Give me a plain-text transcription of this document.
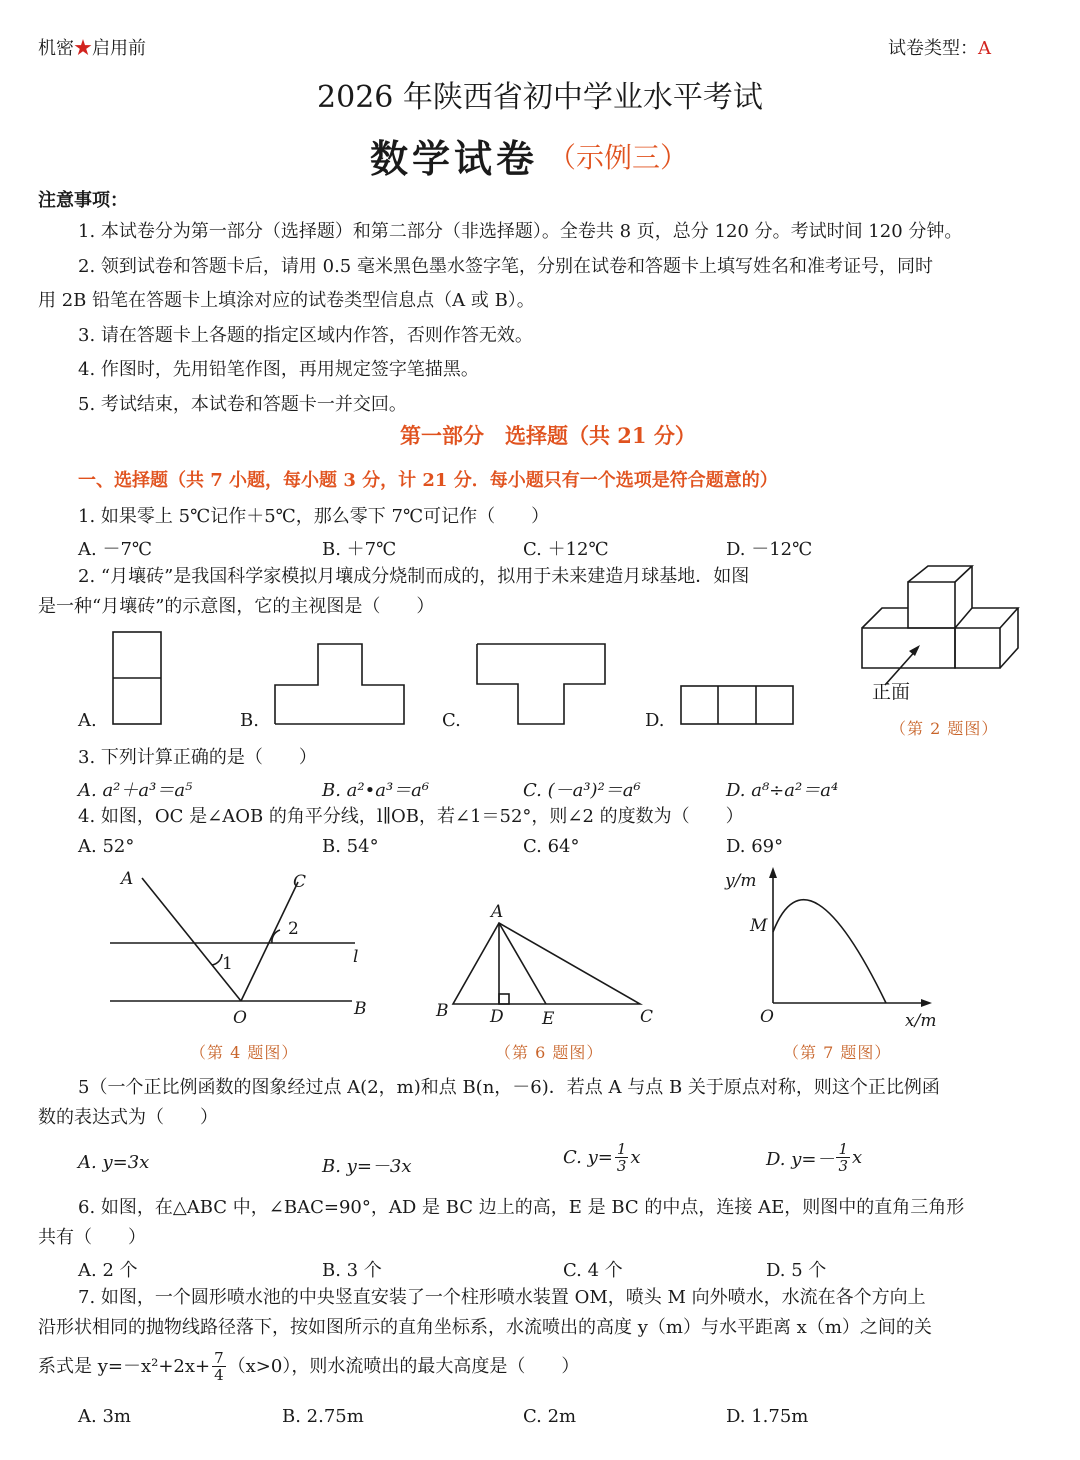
机密★启用前	试卷类型：A
2026 年陕西省初中学业水平考试
数学试卷 （示例三）
注意事项：
1. 本试卷分为第一部分（选择题）和第二部分（非选择题）。全卷共 8 页，总分 120 分。考试时间 120 分钟。
2. 领到试卷和答题卡后，请用 0.5 毫米黑色墨水签字笔，分别在试卷和答题卡上填写姓名和准考证号，同时
用 2B 铅笔在答题卡上填涂对应的试卷类型信息点（A 或 B）。
3. 请在答题卡上各题的指定区域内作答，否则作答无效。
4. 作图时，先用铅笔作图，再用规定签字笔描黑。
5. 考试结束，本试卷和答题卡一并交回。
第一部分　选择题（共 21 分）
一、选择题（共 7 小题，每小题 3 分，计 21 分．每小题只有一个选项是符合题意的）
1. 如果零上 5℃记作＋5℃，那么零下 7℃可记作（　　）
A. －7℃	B. ＋7℃	C. ＋12℃	D. －12℃
2. “月壤砖”是我国科学家模拟月壤成分烧制而成的，拟用于未来建造月球基地．如图
是一种“月壤砖”的示意图，它的主视图是（　　）
A.	B.	C.	D.
正面
（第 2 题图）
3. 下列计算正确的是（　　）
A. a²＋a³＝a⁵	B. a²•a³＝a⁶	C. (－a³)²＝a⁶	D. a⁸÷a²＝a⁴
4. 如图，OC 是∠AOB 的角平分线，l∥OB，若∠1＝52°，则∠2 的度数为（　　）
A. 52°	B. 54°	C. 64°	D. 69°
A	C
2
1	l
O	B
（第 4 题图）
A
B D E	C
（第 6 题图）
y/m
M
O	x/m
（第 7 题图）
5（一个正比例函数的图象经过点 A(2，m)和点 B(n，－6)．若点 A 与点 B 关于原点对称，则这个正比例函
数的表达式为（　　）
A. y=3x	B. y=－3x	C. $y= \frac{1}{3}$ x	D. $y=- \frac{1}{3}$ x
6. 如图，在△ABC 中，∠BAC=90°，AD 是 BC 边上的高，E 是 BC 的中点，连接 AE，则图中的直角三角形
共有（　　）
A. 2 个	B. 3 个	C. 4 个	D. 5 个
7. 如图，一个圆形喷水池的中央竖直安装了一个柱形喷水装置 OM，喷头 M 向外喷水，水流在各个方向上
沿形状相同的抛物线路径落下，按如图所示的直角坐标系，水流喷出的高度 y（m）与水平距离 x（m）之间的关
系式是 $y=-x^2+2x+ \frac{7}{4} (x>0)$，则水流喷出的最大高度是（　　）
A. 3m	B. 2.75m	C. 2m	D. 1.75m
